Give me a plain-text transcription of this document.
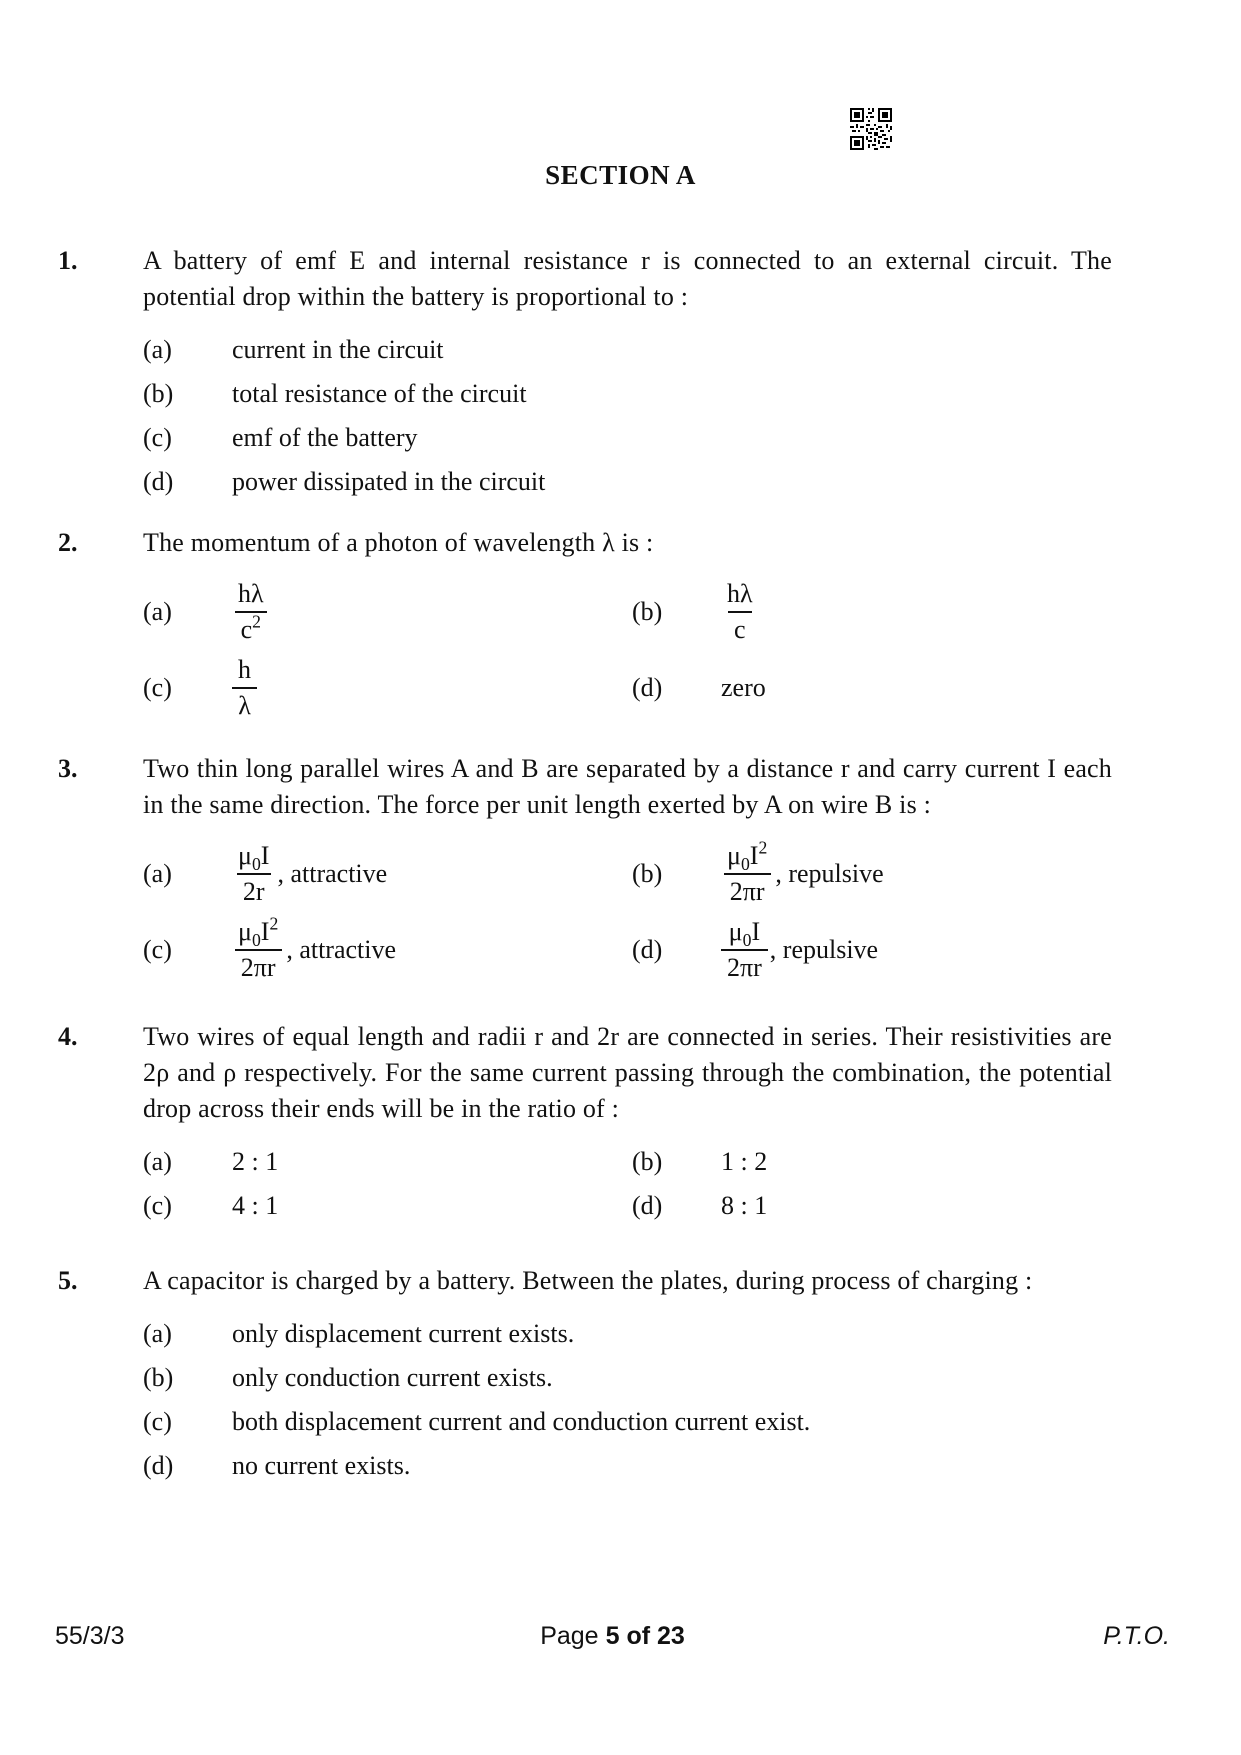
SECTION A
1.	A battery of emf E and internal resistance r is connected to an external circuit. The potential drop within the battery is proportional to :
(a)	current in the circuit
(b)	total resistance of the circuit
(c)	emf of the battery
(d)	power dissipated in the circuit
2.	The momentum of a photon of wavelength λ is :
(a)	$\frac{h\lambda}{c^2}$	(b)	$\frac{h\lambda}{c}$
(c)	$\frac{h}{\lambda}$	(d)	zero
3.	Two thin long parallel wires A and B are separated by a distance r and carry current I each in the same direction. The force per unit length exerted by A on wire B is :
(a)	$\frac{\mu_0I}{2r}$ , attractive	(b)	$\frac{\mu_0I^2}{2\pi r}$ , repulsive
(c)	$\frac{\mu_0I^2}{2\pi r}$ , attractive	(d)	$\frac{\mu_0I}{2\pi r}$ , repulsive
4.	Two wires of equal length and radii r and 2r are connected in series. Their resistivities are 2ρ and ρ respectively. For the same current passing through the combination, the potential drop across their ends will be in the ratio of :
(a)	2 : 1	(b)	1 : 2
(c)	4 : 1	(d)	8 : 1
5.	A capacitor is charged by a battery. Between the plates, during process of charging :
(a)	only displacement current exists.
(b)	only conduction current exists.
(c)	both displacement current and conduction current exist.
(d)	no current exists.
55/3/3	Page 5 of 23	P.T.O.
